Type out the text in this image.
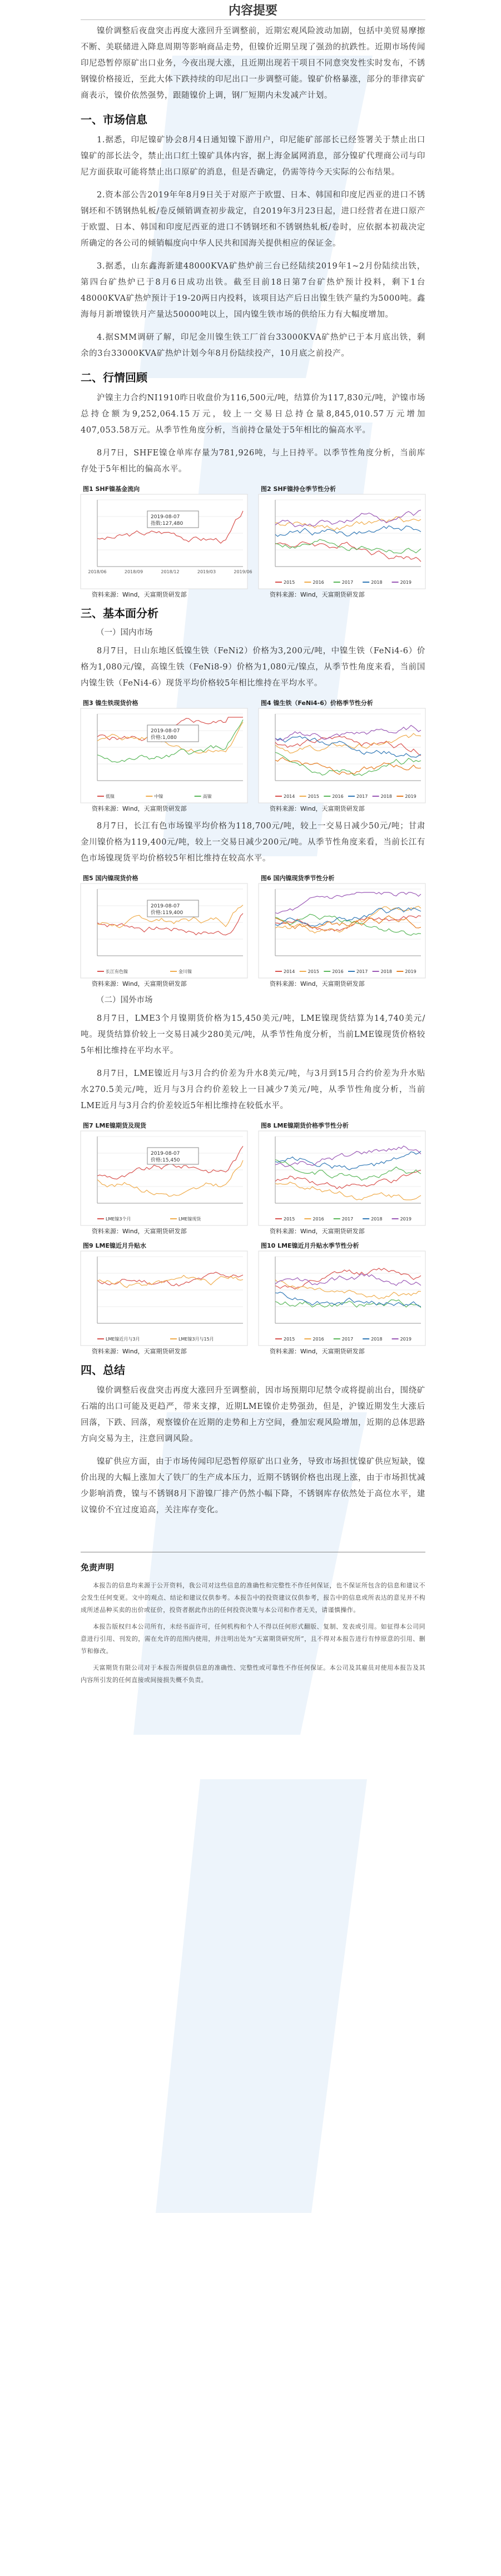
内容提要

镍价调整后夜盘突击再度大涨回升至调整前，近期宏观风险波动加剧，包括中美贸易摩擦不断、美联储进入降息周期等影响商品走势，但镍价近期呈现了强劲的抗跌性。近期市场传闻印尼恐暂停原矿出口业务，今夜出现大涨，且近期出现若干项目不同意突发性实时发布，不锈钢镍价格接近，至此大体下跌持续的印尼出口一步调整可能。镍矿价格暴涨，部分的菲律宾矿商表示，镍价依然强势，跟随镍价上调，钢厂短期内未发减产计划。

一、市场信息

1.据悉，印尼镍矿协会8月4日通知镍下游用户，印尼能矿部部长已经签署关于禁止出口镍矿的部长法令，禁止出口红土镍矿具体内容，据上海金属网消息，部分镍矿代理商公司与印尼方面获取可能将禁止出口原矿的消息，但是否确定，仍需等待今天实际的公布结果。

2.资本部公告2019年年8月9日关于对原产于欧盟、日本、韩国和印度尼西亚的进口不锈钢坯和不锈钢热轧板/卷反倾销调查初步裁定，自2019年3月23日起，进口经营者在进口原产于欧盟、日本、韩国和印度尼西亚的进口不锈钢坯和不锈钢热轧板/卷时，应依据本初裁决定所确定的各公司的倾销幅度向中华人民共和国海关提供相应的保证金。

3.据悉，山东鑫海新建48000KVA矿热炉前三台已经陆续2019年1~2月份陆续出铁，第四台矿热炉已于8月6日成功出铁。截至目前18日第7台矿热炉预计投料，剩下1台48000KVA矿热炉预计于19-20两日内投料，该项目达产后日出镍生铁产量约为5000吨。鑫海每月新增镍铁月产量达50000吨以上，国内镍生铁市场的供给压力有大幅度增加。

4.据SMM调研了解，印尼金川镍生铁工厂首台33000KVA矿热炉已于本月底出铁，剩余的3台33000KVA矿热炉计划今年8月份陆续投产，10月底之前投产。

二、行情回顾

沪镍主力合约NI1910昨日收盘价为116,500元/吨，结算价为117,830元/吨，沪镍市场总持仓额为9,252,064.15万元，较上一交易日总持仓量8,845,010.57万元增加407,053.58万元。从季节性角度分析，当前持仓量处于5年相比的偏高水平。

8月7日，SHFE镍仓单库存量为781,926吨，与上日持平。以季节性角度分析，当前库存处于5年相比的偏高水平。

图1 SHF镍基金流向
2019-08-07
指数:127,480
2018/06	2018/09	2018/12	2019/03	2019/06
资料来源：Wind，天富期货研发部
图2 SHF镍持仓季节性分析
2015	2016	2017	2018	2019
资料来源：Wind，天富期货研发部
三、基本面分析
（一）国内市场

8月7日，日山东地区低镍生铁（FeNi2）价格为3,200元/吨，中镍生铁（FeNi4-6）价格为1,080元/镍，高镍生铁（FeNi8-9）价格为1,080元/镍点，从季节性角度来看，当前国内镍生铁（FeNi4-6）现货平均价格较5年相比维持在平均水平。

图3 镍生铁现货价格
2019-08-07
价格:1,080
低镍	中镍	高镍
资料来源：Wind，天富期货研发部
图4 镍生铁（FeNi4-6）价格季节性分析
2014	2015	2016	2017	2018	2019
资料来源：Wind，天富期货研发部

8月7日，长江有色市场镍平均价格为118,700元/吨，较上一交易日减少50元/吨；甘肃金川镍价格为119,400元/吨，较上一交易日减少200元/吨。从季节性角度来看，当前长江有色市场镍现货平均价格较5年相比维持在较高水平。

图5 国内镍现货价格
2019-08-07
价格:119,400
长江有色镍	金川镍
资料来源：Wind，天富期货研发部
图6 国内镍现货季节性分析
2014	2015	2016	2017	2018	2019
资料来源：Wind，天富期货研发部
（二）国外市场

8月7日，LME3个月镍期货价格为15,450美元/吨，LME镍现货结算为14,740美元/吨。现货结算价较上一交易日减少280美元/吨，从季节性角度分析，当前LME镍现货价格较5年相比维持在平均水平。

8月7日，LME镍近月与3月合约价差为升水8美元/吨，与3月到15月合约价差为升水贴水270.5美元/吨，近月与3月合约价差较上一日减少7美元/吨，从季节性角度分析，当前LME近月与3月合约价差较近5年相比维持在较低水平。

图7 LME镍期货及现货
2019-08-07
价格:15,450
LME镍3个月	LME镍现货
资料来源：Wind，天富期货研发部
图8 LME镍期货价格季节性分析
2015	2016	2017	2018	2019
资料来源：Wind，天富期货研发部
图9 LME镍近月升贴水
LME镍近月与3月	LME镍3月与15月
资料来源：Wind，天富期货研发部
图10 LME镍近月升贴水季节性分析
2015	2016	2017	2018	2019
资料来源：Wind，天富期货研发部
四、总结

镍价调整后夜盘突击再度大涨回升至调整前，因市场预期印尼禁令或将提前出台，围绕矿石端的出口可能及更趋严，带来支撑，近期LME镍价走势强劲，但是，沪镍近期发生大涨后回落，下跌、回落，观察镍价在近期的走势和上方空间，叠加宏观风险增加，近期的总体思路方向交易为主，注意回调风险。

镍矿供应方面，由于市场传闻印尼恐暂停原矿出口业务，导致市场担忧镍矿供应短缺，镍价出现的大幅上涨加大了铁厂的生产成本压力，近期不锈钢价格也出现上涨，由于市场担忧减少影响消费，镍与不锈钢8月下游镍厂排产仍然小幅下降，不锈钢库存依然处于高位水平，建议镍价不宜过度追高，关注库存变化。

免责声明

本报告的信息均来源于公开资料，我公司对这些信息的准确性和完整性不作任何保证，也不保证所包含的信息和建议不会发生任何变更。文中的观点、结论和建议仅供参考。本报告中的投资建议仅供参考，报告中的信息或所表达的意见并不构成所述品种买卖的出价或征价，投资者据此作出的任何投资决策与本公司和作者无关，请谨慎操作。

本报告版权归本公司所有，未经书面许可，任何机构和个人不得以任何形式翻版、复制、发表或引用。如征得本公司同意进行引用、刊发的，需在允许的范围内使用，并注明出处为“天富期货研究所”，且不得对本报告进行有悖原意的引用、删节和修改。

天富期货有限公司对于本报告所提供信息的准确性、完整性或可靠性不作任何保证。本公司及其雇员对使用本报告及其内容所引发的任何直接或间接损失概不负责。
